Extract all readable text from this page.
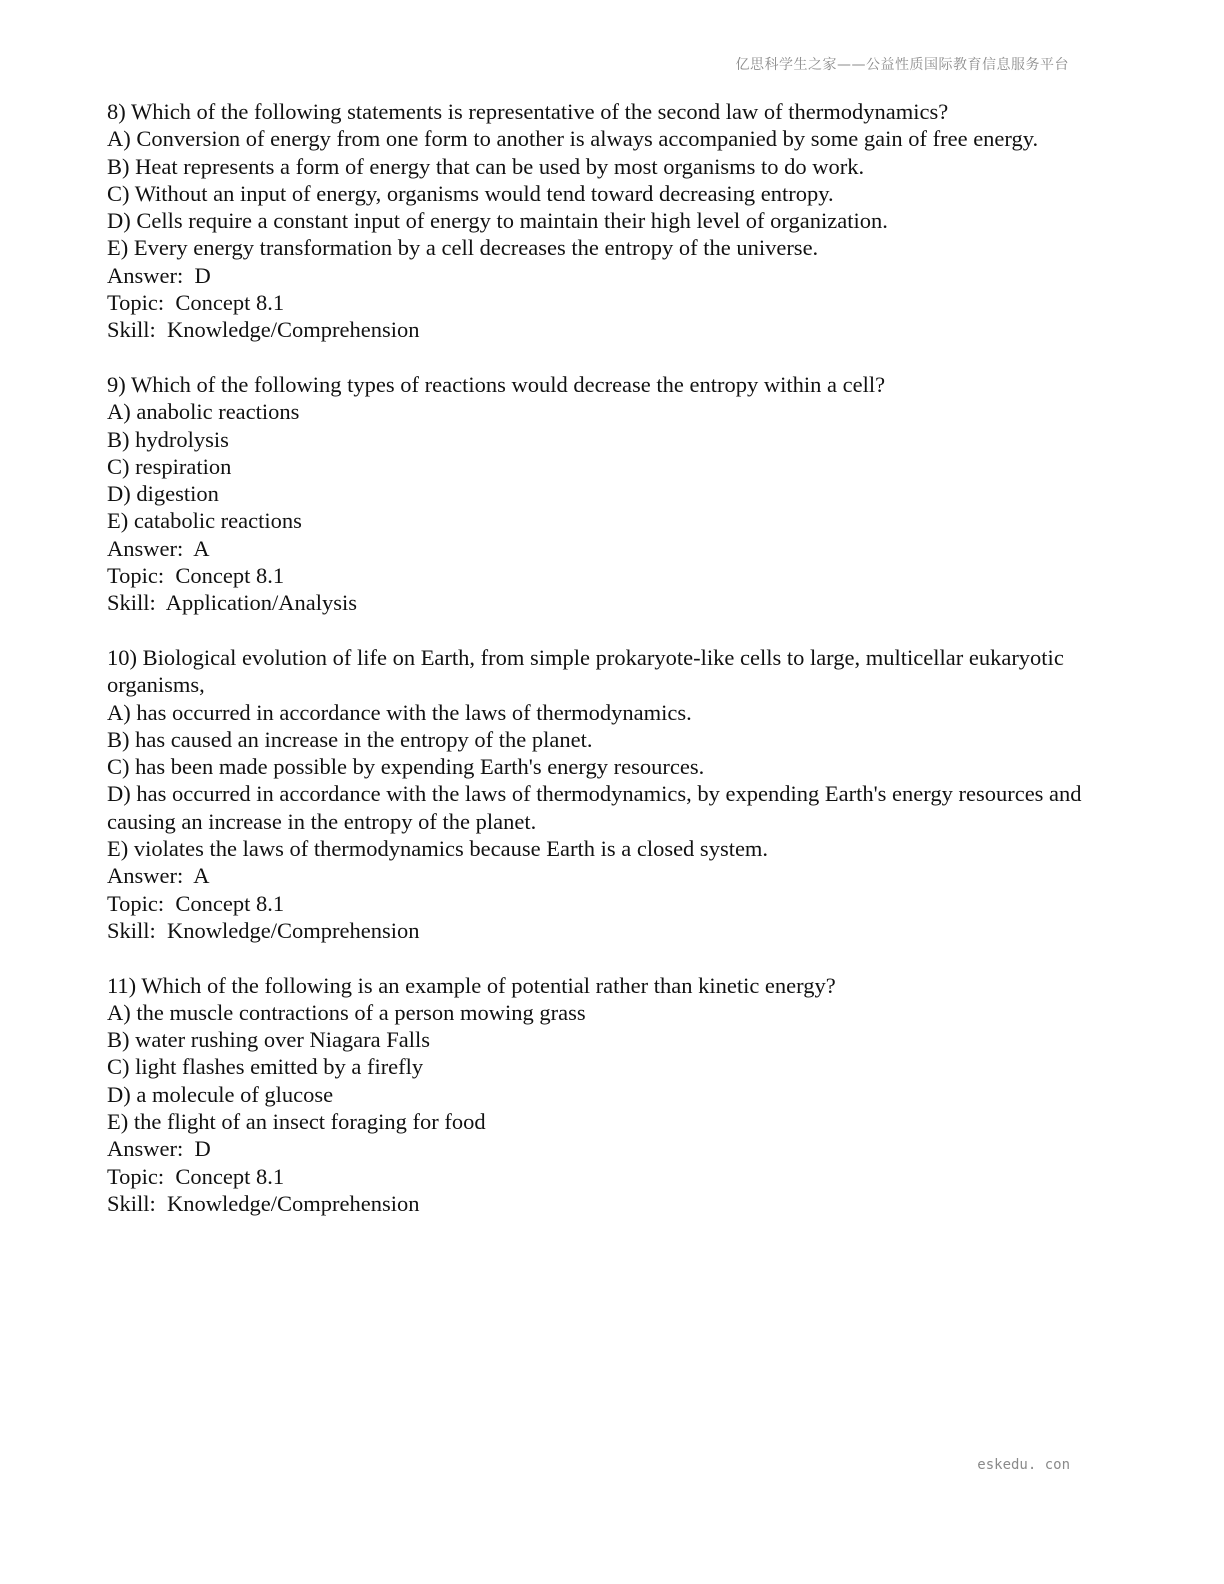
亿思科学生之家——公益性质国际教育信息服务平台
8) Which of the following statements is representative of the second law of thermodynamics?
A) Conversion of energy from one form to another is always accompanied by some gain of free energy.
B) Heat represents a form of energy that can be used by most organisms to do work.
C) Without an input of energy, organisms would tend toward decreasing entropy.
D) Cells require a constant input of energy to maintain their high level of organization.
E) Every energy transformation by a cell decreases the entropy of the universe.
Answer:  D
Topic:  Concept 8.1
Skill:  Knowledge/Comprehension
9) Which of the following types of reactions would decrease the entropy within a cell?
A) anabolic reactions
B) hydrolysis
C) respiration
D) digestion
E) catabolic reactions
Answer:  A
Topic:  Concept 8.1
Skill:  Application/Analysis
10) Biological evolution of life on Earth, from simple prokaryote-like cells to large, multicellar eukaryotic organisms,
A) has occurred in accordance with the laws of thermodynamics.
B) has caused an increase in the entropy of the planet.
C) has been made possible by expending Earth's energy resources.
D) has occurred in accordance with the laws of thermodynamics, by expending Earth's energy resources and causing an increase in the entropy of the planet.
E) violates the laws of thermodynamics because Earth is a closed system.
Answer:  A
Topic:  Concept 8.1
Skill:  Knowledge/Comprehension
11) Which of the following is an example of potential rather than kinetic energy?
A) the muscle contractions of a person mowing grass
B) water rushing over Niagara Falls
C) light flashes emitted by a firefly
D) a molecule of glucose
E) the flight of an insect foraging for food
Answer:  D
Topic:  Concept 8.1
Skill:  Knowledge/Comprehension
eskedu. con
